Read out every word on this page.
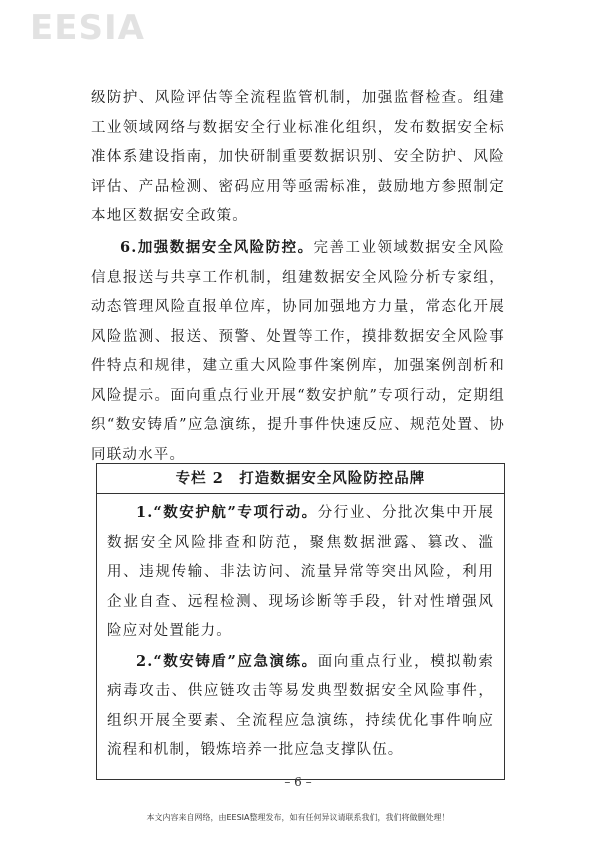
EESIA

级防护、风险评估等全流程监管机制，加强监督检查。组建工业领域网络与数据安全行业标准化组织，发布数据安全标准体系建设指南，加快研制重要数据识别、安全防护、风险评估、产品检测、密码应用等亟需标准，鼓励地方参照制定本地区数据安全政策。

6.加强数据安全风险防控。完善工业领域数据安全风险信息报送与共享工作机制，组建数据安全风险分析专家组，动态管理风险直报单位库，协同加强地方力量，常态化开展风险监测、报送、预警、处置等工作，摸排数据安全风险事件特点和规律，建立重大风险事件案例库，加强案例剖析和风险提示。面向重点行业开展“数安护航”专项行动，定期组织“数安铸盾”应急演练，提升事件快速反应、规范处置、协同联动水平。

专栏 2　打造数据安全风险防控品牌

1.“数安护航”专项行动。分行业、分批次集中开展数据安全风险排查和防范，聚焦数据泄露、篡改、滥用、违规传输、非法访问、流量异常等突出风险，利用企业自查、远程检测、现场诊断等手段，针对性增强风险应对处置能力。

2.“数安铸盾”应急演练。面向重点行业，模拟勒索病毒攻击、供应链攻击等易发典型数据安全风险事件，组织开展全要素、全流程应急演练，持续优化事件响应流程和机制，锻炼培养一批应急支撑队伍。

– 6 –
本文内容来自网络，由EESIA整理发布，如有任何异议请联系我们，我们将做删处理！
